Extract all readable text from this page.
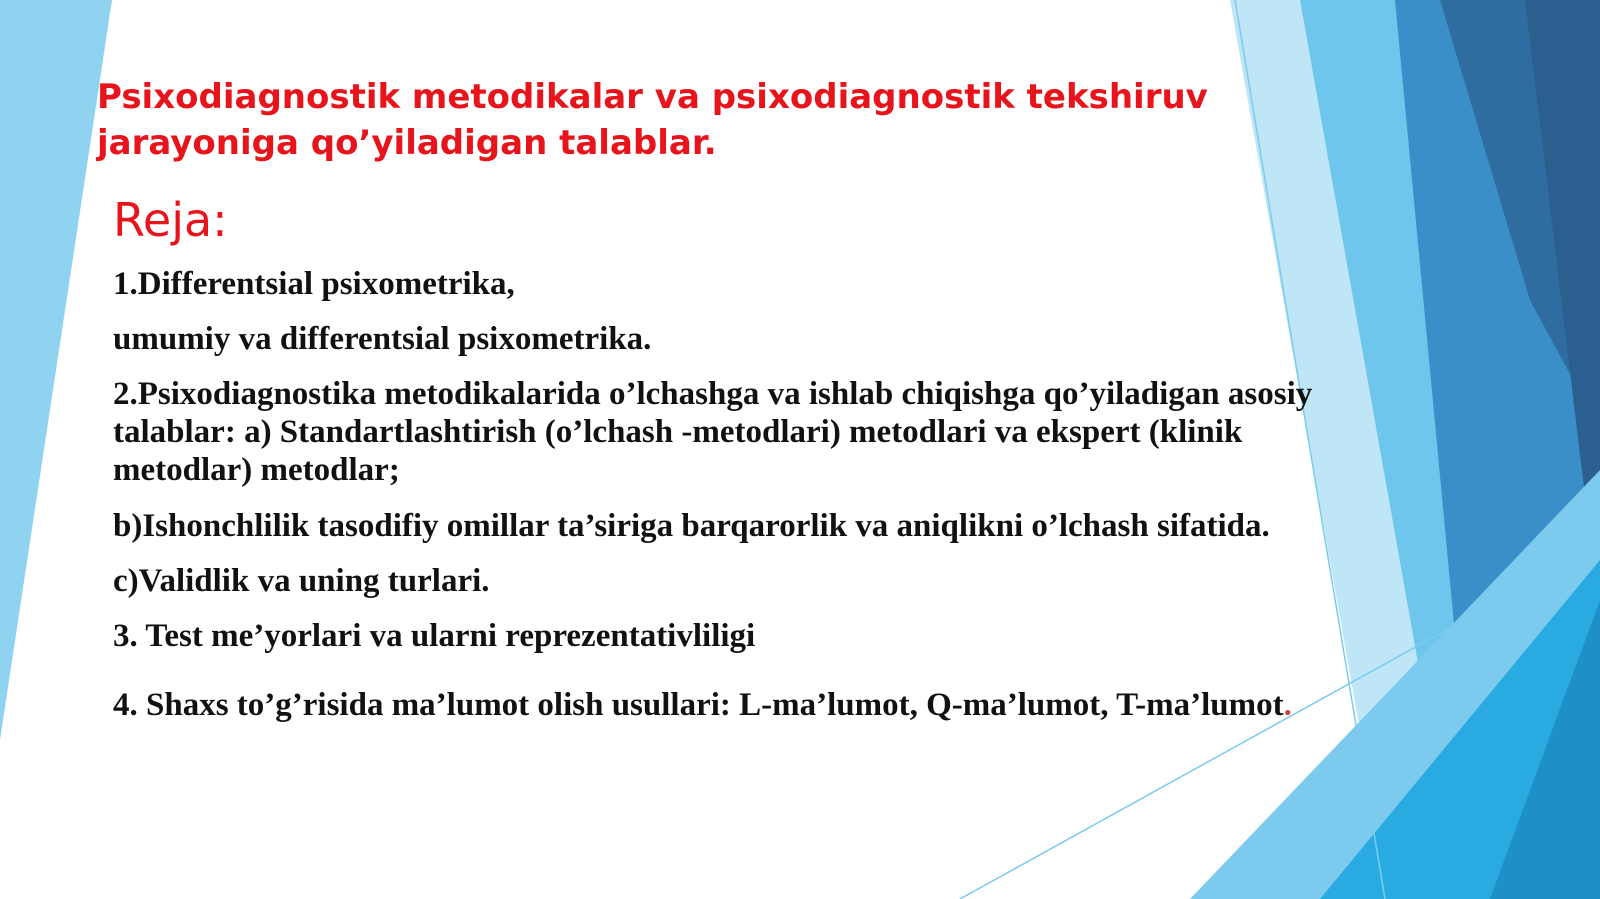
Psixodiagnostik metodikalar va psixodiagnostik tekshiruv
jarayoniga qo’yiladigan talablar.
Reja:
1.Differentsial psixometrika,
umumiy va differentsial psixometrika.
2.Psixodiagnostika metodikalarida o’lchashga va ishlab chiqishga qo’yiladigan asosiy
talablar: a) Standartlashtirish (o’lchash -metodlari) metodlari va ekspert (klinik
metodlar) metodlar;
b)Ishonchlilik tasodifiy omillar ta’siriga barqarorlik va aniqlikni o’lchash sifatida.
c)Validlik va uning turlari.
3. Test me’yorlari va ularni reprezentativliligi
4. Shaxs to’g’risida ma’lumot olish usullari: L-ma’lumot, Q-ma’lumot, T-ma’lumot.
